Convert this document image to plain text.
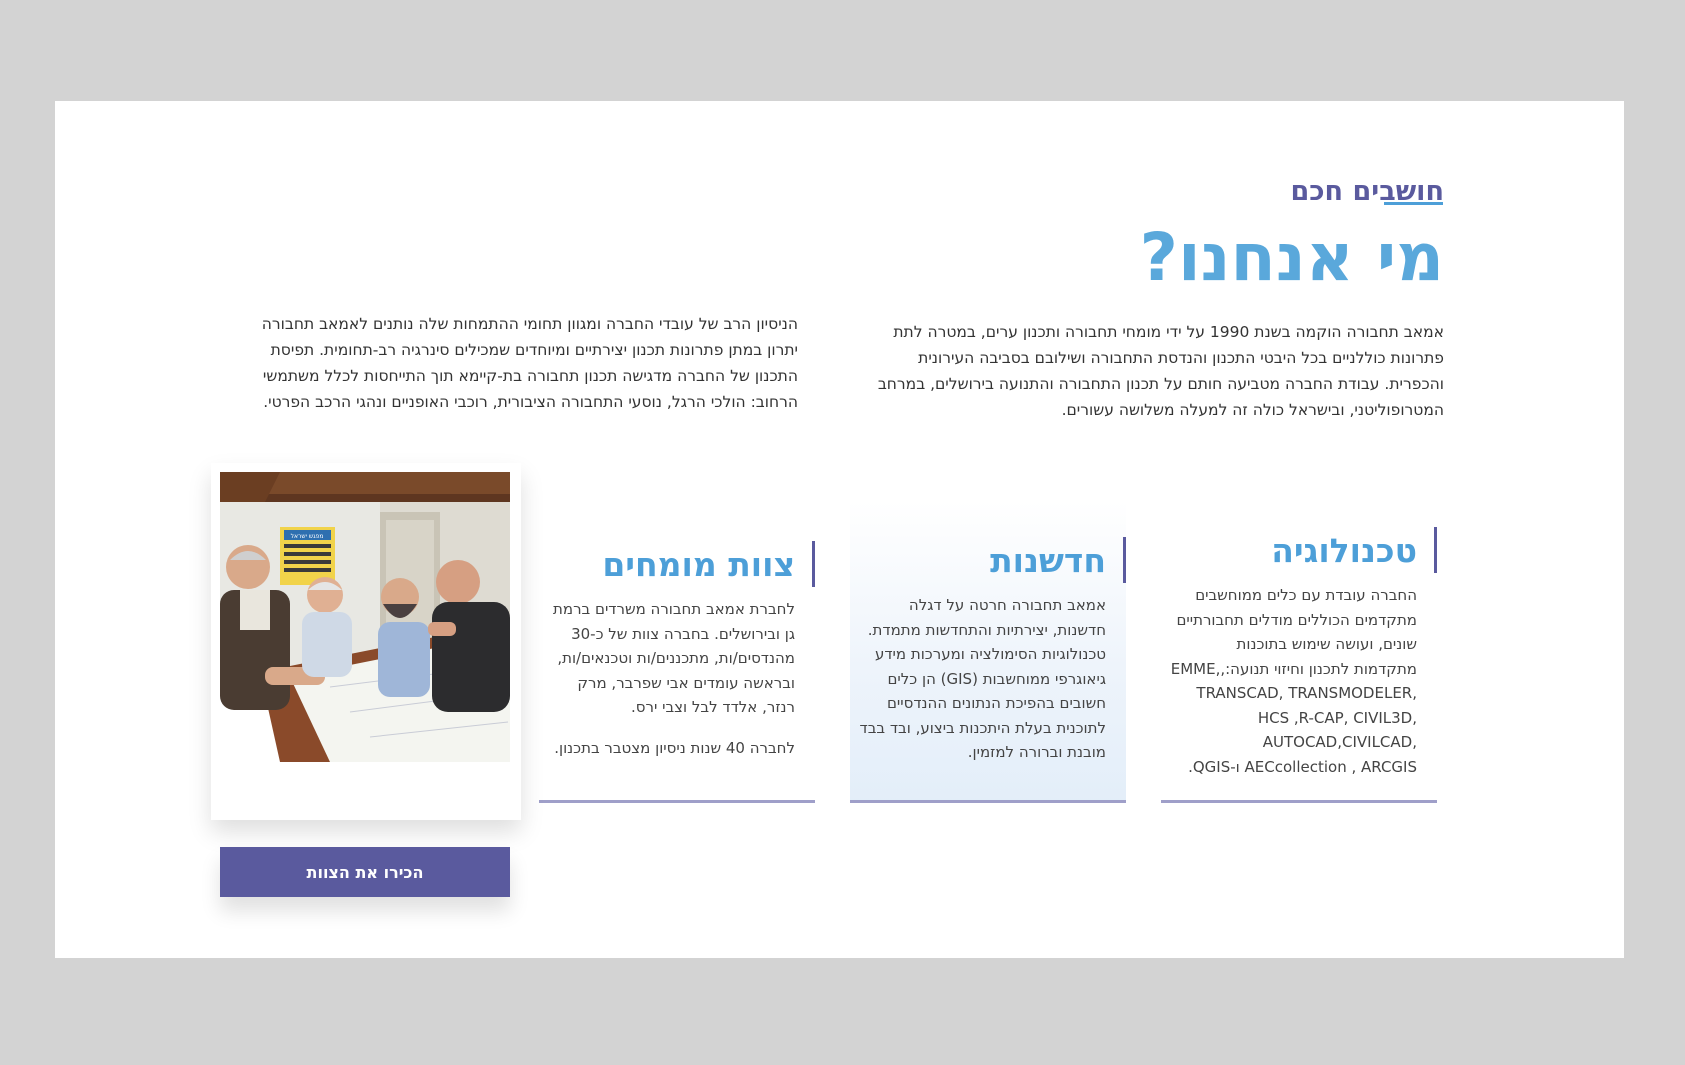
חושבים חכם
מי אנחנו?
אמאב תחבורה הוקמה בשנת 1990 על ידי מומחי תחבורה ותכנון ערים, במטרה לתת פתרונות כוללניים בכל היבטי התכנון והנדסת התחבורה ושילובם בסביבה העירונית והכפרית. עבודת החברה מטביעה חותם על תכנון התחבורה והתנועה בירושלים, במרחב המטרופוליטני, ובישראל כולה זה למעלה משלושה עשורים.
הניסיון הרב של עובדי החברה ומגוון תחומי ההתמחות שלה נותנים לאמאב תחבורה יתרון במתן פתרונות תכנון יצירתיים ומיוחדים שמכילים סינרגיה רב-תחומית. תפיסת התכנון של החברה מדגישה תכנון תחבורה בת-קיימא תוך התייחסות לכלל משתמשי הרחוב: הולכי הרגל, נוסעי התחבורה הציבורית, רוכבי האופניים ונהגי הרכב הפרטי.
טכנולוגיה
החברה עובדת עם כלים ממוחשבים מתקדמים הכוללים מודלים תחבורתיים שונים, ועושה שימוש בתוכנות מתקדמות לתכנון וחיזוי תנועה:,EMME, TRANSCAD, TRANSMODELER, HCS ,R-CAP, CIVIL3D, AUTOCAD,CIVILCAD, AECcollection , ARCGIS ו-QGIS.
חדשנות
אמאב תחבורה חרטה על דגלה חדשנות, יצירתיות והתחדשות מתמדת. טכנולוגיות הסימולציה ומערכות מידע גיאוגרפי ממוחשבות (GIS) הן כלים חשובים בהפיכת הנתונים ההנדסיים לתוכנית בעלת היתכנות ביצוע, ובד בבד מובנת וברורה למזמין.
צוות מומחים

לחברת אמאב תחבורה משרדים ברמת גן ובירושלים. בחברה צוות של כ-30 מהנדסים/ות, מתכננים/ות וטכנאים/ות, ובראשה עומדים אבי שפרבר, מרק רנזר, אלדד לבל וצבי ירס.

לחברה 40 שנות ניסיון מצטבר בתכנון.

מפגש ישראל
הכירו את הצוות
